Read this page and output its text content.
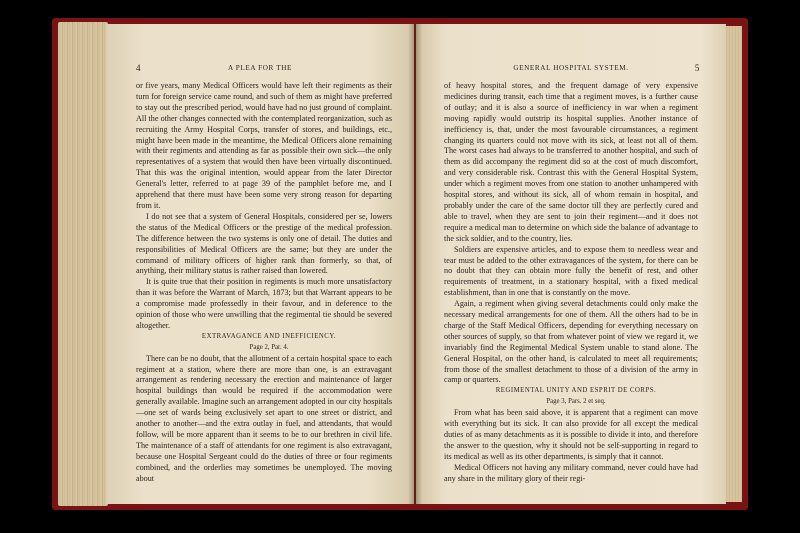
4	A PLEA FOR THE

or five years, many Medical Officers would have left their regiments as their turn for foreign service came round, and such of them as might have preferred to stay out the prescribed period, would have had no just ground of complaint. All the other changes connected with the contemplated reorganization, such as recruiting the Army Hospital Corps, transfer of stores, and buildings, etc., might have been made in the meantime, the Medical Officers alone remaining with their regiments and attending as far as possible their own sick—the only representatives of a system that would then have been virtually discontinued. That this was the original intention, would appear from the later Director General's letter, referred to at page 39 of the pamphlet before me, and I apprehend that there must have been some very strong reason for departing from it.

I do not see that a system of General Hospitals, considered per se, lowers the status of the Medical Officers or the prestige of the medical profession. The difference between the two systems is only one of detail. The duties and responsibilities of Medical Officers are the same; but they are under the command of military officers of higher rank than formerly, so that, of anything, their military status is rather raised than lowered.

It is quite true that their position in regiments is much more unsatisfactory than it was before the Warrant of March, 1873; but that Warrant appears to be a compromise made professedly in their favour, and in deference to the opinion of those who were unwilling that the regimental tie should be severed altogether.

EXTRAVAGANCE AND INEFFICIENCY.

Page 2, Par. 4.

There can be no doubt, that the allotment of a certain hospital space to each regiment at a station, where there are more than one, is an extravagant arrangement as rendering necessary the erection and maintenance of larger hospital buildings than would be required if the accommodation were generally available. Imagine such an arrangement adopted in our city hospitals—one set of wards being exclusively set apart to one street or district, and another to another—and the extra outlay in fuel, and attendants, that would follow, will be more apparent than it seems to be to our brethren in civil life. The maintenance of a staff of attendants for one regiment is also extravagant, because one Hospital Sergeant could do the duties of three or four regiments combined, and the orderlies may sometimes be unemployed. The moving about

GENERAL HOSPITAL SYSTEM.	5

of heavy hospital stores, and the frequent damage of very expensive medicines during transit, each time that a regiment moves, is a further cause of outlay; and it is also a source of inefficiency in war when a regiment moving rapidly would outstrip its hospital supplies. Another instance of inefficiency is, that, under the most favourable circumstances, a regiment changing its quarters could not move with its sick, at least not all of them. The worst cases had always to be transferred to another hospital, and such of them as did accompany the regiment did so at the cost of much discomfort, and very considerable risk. Contrast this with the General Hospital System, under which a regiment moves from one station to another unhampered with hospital stores, and without its sick, all of whom remain in hospital, and probably under the care of the same doctor till they are perfectly cured and able to travel, when they are sent to join their regiment—and it does not require a medical man to determine on which side the balance of advantage to the sick soldier, and to the country, lies.

Soldiers are expensive articles, and to expose them to needless wear and tear must be added to the other extravagances of the system, for there can be no doubt that they can obtain more fully the benefit of rest, and other requirements of treatment, in a stationary hospital, with a fixed medical establishment, than in one that is constantly on the move.

Again, a regiment when giving several detachments could only make the necessary medical arrangements for one of them. All the others had to be in charge of the Staff Medical Officers, depending for everything necessary on other sources of supply, so that from whatever point of view we regard it, we invariably find the Regimental Medical System unable to stand alone. The General Hospital, on the other hand, is calculated to meet all requirements; from those of the smallest detachment to those of a division of the army in camp or quarters.

REGIMENTAL UNITY AND ESPRIT DE CORPS.

Page 3, Pars. 2 et seq.

From what has been said above, it is apparent that a regiment can move with everything but its sick. It can also provide for all except the medical duties of as many detachments as it is possible to divide it into, and therefore the answer to the question, why it should not be self-supporting in regard to its medical as well as its other departments, is simply that it cannot.

Medical Officers not having any military command, never could have had any share in the military glory of their regi-
